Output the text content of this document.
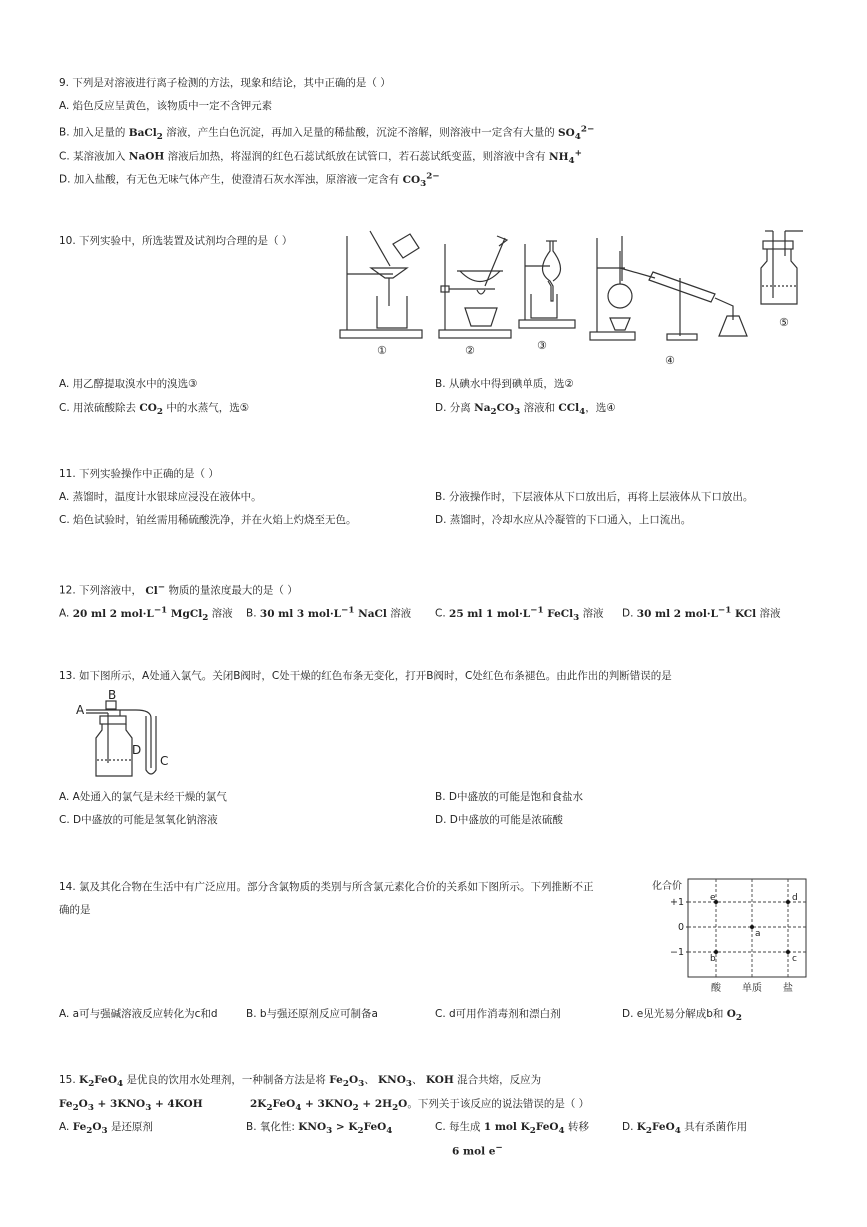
9. 下列是对溶液进行离子检测的方法，现象和结论，其中正确的是（ ）
A. 焰色反应呈黄色，该物质中一定不含钾元素
B. 加入足量的 BaCl$_2$ 溶液，产生白色沉淀，再加入足量的稀盐酸，沉淀不溶解，则溶液中一定含有大量的 $SO_4^{2-}$
C. 某溶液加入 NaOH 溶液后加热，将湿润的红色石蕊试纸放在试管口，若石蕊试纸变蓝，则溶液中含有 $NH_4^+$
D. 加入盐酸，有无色无味气体产生，使澄清石灰水浑浊，原溶液一定含有 $CO_3^{2-}$
10. 下列实验中，所选装置及试剂均合理的是（ ）
①	②	③
④
⑤
A. 用乙醇提取溴水中的溴选③	B. 从碘水中得到碘单质，选②
C. 用浓硫酸除去 $CO_2$ 中的水蒸气，选⑤	D. 分离 $Na_2CO_3$ 溶液和 CCl$_4$，选④
11. 下列实验操作中正确的是（ ）
A. 蒸馏时，温度计水银球应浸没在液体中。	B. 分液操作时，下层液体从下口放出后，再将上层液体从下口放出。
C. 焰色试验时，铂丝需用稀硫酸洗净，并在火焰上灼烧至无色。	D. 蒸馏时，冷却水应从冷凝管的下口通入，上口流出。
12. 下列溶液中， Cl− 物质的量浓度最大的是（ ）
A. 20 ml 2 $mol\cdot L^{-1}$ MgCl$_2$ 溶液 B. 30 ml 3 $mol\cdot L^{-1}$ NaCl 溶液 C. 25 ml 1 $mol\cdot L^{-1}$ FeCl$_3$ 溶液 D. 30 ml 2 $mol\cdot L^{-1}$ KCl 溶液
13. 如下图所示，A处通入氯气。关闭B阀时，C处干燥的红色布条无变化，打开B阀时，C处红色布条褪色。由此作出的判断错误的是
A
B
D
C
A. A处通入的氯气是未经干燥的氯气	B. D中盛放的可能是饱和食盐水
C. D中盛放的可能是氢氧化钠溶液	D. D中盛放的可能是浓硫酸
14. 氯及其化合物在生活中有广泛应用。部分含氯物质的类别与所含氯元素化合价的关系如下图所示。下列推断不正
确的是
化合价
+1
0
−1
酸 单质 盐
e	d
a
b	c
A. a可与强碱溶液反应转化为c和d	B. b与强还原剂反应可制备a	C. d可用作消毒剂和漂白剂	D. e见光易分解成b和 $O_2$
15. $K_2FeO_4$ 是优良的饮用水处理剂，一种制备方法是将 $Fe_2O_3$、 $KNO_3$、 KOH 混合共熔，反应为
$Fe_2O_3 + 3KNO_3 + 4KOH$	$2K_2FeO_4 + 3KNO_2 + 2H_2O$。下列关于该反应的说法错误的是（ ）
A. $Fe_2O_3$ 是还原剂	B. 氧化性: $KNO_3 > K_2FeO_4$	C. 每生成 1 mol $K_2FeO_4$ 转移	D. $K_2FeO_4$ 具有杀菌作用
6 mol e−
